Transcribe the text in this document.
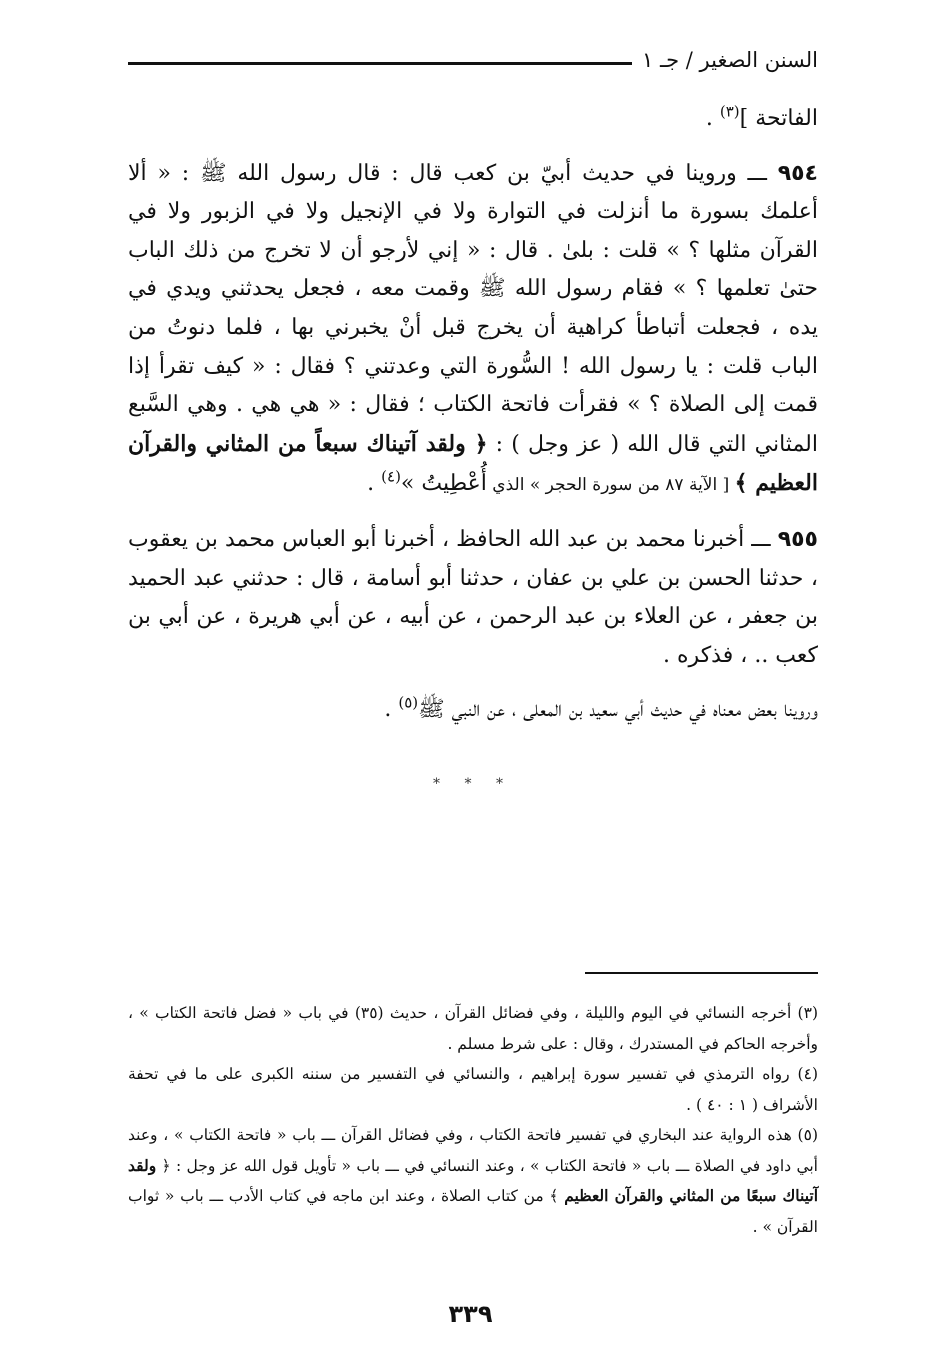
السنن الصغير / جـ ١

الفاتحة ]$^{(٣)}$ .

٩٥٤ ـــ وروينا في حديث أبيّ بن كعب قال : قال رسول الله ﷺ : « ألا أعلمك بسورة ما أنزلت في التوارة ولا في الإنجيل ولا في الزبور ولا في القرآن مثلها ؟ » قلت : بلىٰ . قال : « إني لأرجو أن لا تخرج من ذلك الباب حتىٰ تعلمها ؟ » فقام رسول الله ﷺ وقمت معه ، فجعل يحدثني ويدي في يده ، فجعلت أتباطأ كراهية أن يخرج قبل أنْ يخبرني بها ، فلما دنوتُ من الباب قلت : يا رسول الله ! السُّورة التي وعدتني ؟ فقال : « كيف تقرأ إذا قمت إلى الصلاة ؟ » فقرأت فاتحة الكتاب ؛ فقال : « هي هي . وهي السَّبع المثاني التي قال الله ( عز وجل ) : ﴿ ولقد آتيناك سبعاً من المثاني والقرآن العظيم ﴾ [ الآية ٨٧ من سورة الحجر » الذي أُعْطِيتُ »$^{(٤)}$ .

٩٥٥ ـــ أخبرنا محمد بن عبد الله الحافظ ، أخبرنا أبو العباس محمد بن يعقوب ، حدثنا الحسن بن علي بن عفان ، حدثنا أبو أسامة ، قال : حدثني عبد الحميد بن جعفر ، عن العلاء بن عبد الرحمن ، عن أبيه ، عن أبي هريرة ، عن أبي بن كعب .. ، فذكره .

وروينا بعض معناه في حديث أبي سعيد بن المعلى ، عن النبي ﷺ$^{(٥)}$ .

* * *

(٣) أخرجه النسائي في اليوم والليلة ، وفي فضائل القرآن ، حديث (٣٥) في باب « فضل فاتحة الكتاب » ، وأخرجه الحاكم في المستدرك ، وقال : على شرط مسلم .

(٤) رواه الترمذي في تفسير سورة إبراهيم ، والنسائي في التفسير من سننه الكبرى على ما في تحفة الأشراف ( ١ : ٤٠ ) .

(٥) هذه الرواية عند البخاري في تفسير فاتحة الكتاب ، وفي فضائل القرآن ـــ باب « فاتحة الكتاب » ، وعند أبي داود في الصلاة ـــ باب « فاتحة الكتاب » ، وعند النسائي في ـــ باب « تأويل قول الله عز وجل : ﴿ ولقد آتيناك سبعًا من المثاني والقرآن العظيم ﴾ من كتاب الصلاة ، وعند ابن ماجه في كتاب الأدب ـــ باب « ثواب القرآن » .

٣٣٩
